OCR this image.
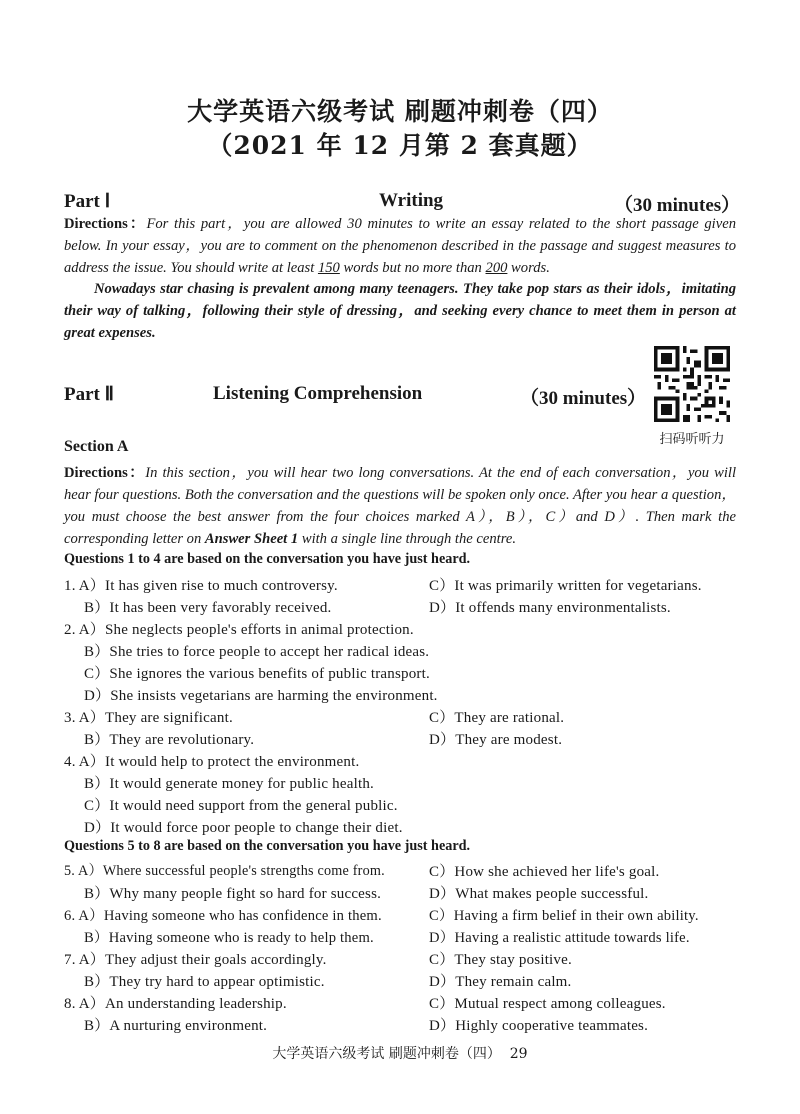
大学英语六级考试 刷题冲刺卷（四）
（2021 年 12 月第 2 套真题）
Part Ⅰ	Writing	（30 minutes）
Directions：For this part，you are allowed 30 minutes to write an essay related to the short passage given below. In your essay，you are to comment on the phenomenon described in the passage and suggest measures to address the issue. You should write at least 150 words but no more than 200 words.
Nowadays star chasing is prevalent among many teenagers. They take pop stars as their idols，imitating their way of talking，following their style of dressing，and seeking every chance to meet them in person at great expenses.
Part Ⅱ	Listening Comprehension	（30 minutes）
扫码听听力
Section A
Directions：In this section，you will hear two long conversations. At the end of each conversation，you will hear four questions. Both the conversation and the questions will be spoken only once. After you hear a question，you must choose the best answer from the four choices marked A），B），C）and D）. Then mark the corresponding letter on Answer Sheet 1 with a single line through the centre.
Questions 1 to 4 are based on the conversation you have just heard.
1. A）It has given rise to much controversy.	C）It was primarily written for vegetarians.
B）It has been very favorably received.	D）It offends many environmentalists.
2. A）She neglects people's efforts in animal protection.
B）She tries to force people to accept her radical ideas.
C）She ignores the various benefits of public transport.
D）She insists vegetarians are harming the environment.
3. A）They are significant.	C）They are rational.
B）They are revolutionary.	D）They are modest.
4. A）It would help to protect the environment.
B）It would generate money for public health.
C）It would need support from the general public.
D）It would force poor people to change their diet.
Questions 5 to 8 are based on the conversation you have just heard.
5. A）Where successful people's strengths come from.	C）How she achieved her life's goal.
B）Why many people fight so hard for success.	D）What makes people successful.
6. A）Having someone who has confidence in them.	C）Having a firm belief in their own ability.
B）Having someone who is ready to help them.	D）Having a realistic attitude towards life.
7. A）They adjust their goals accordingly.	C）They stay positive.
B）They try hard to appear optimistic.	D）They remain calm.
8. A）An understanding leadership.	C）Mutual respect among colleagues.
B）A nurturing environment.	D）Highly cooperative teammates.
大学英语六级考试 刷题冲刺卷（四） 29
